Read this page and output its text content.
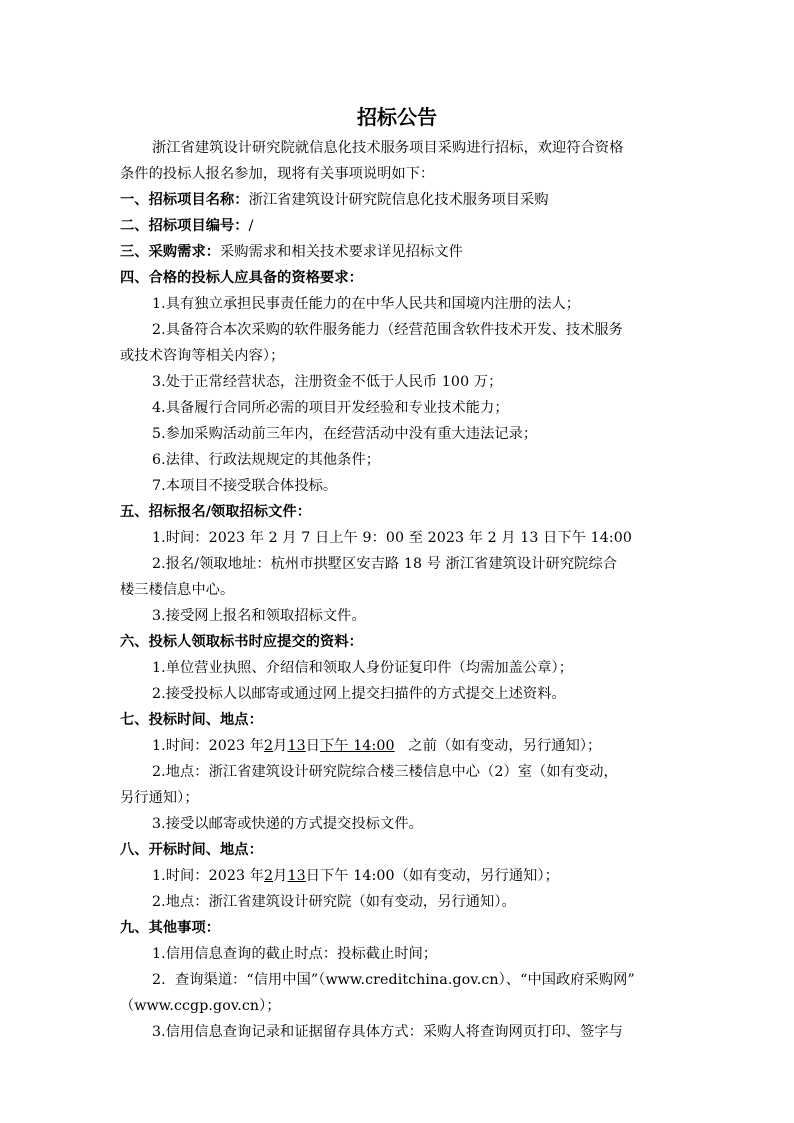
招标公告
浙江省建筑设计研究院就信息化技术服务项目采购进行招标，欢迎符合资格
条件的投标人报名参加，现将有关事项说明如下：
一、招标项目名称：浙江省建筑设计研究院信息化技术服务项目采购
二、招标项目编号：/
三、采购需求：采购需求和相关技术要求详见招标文件
四、合格的投标人应具备的资格要求：
1.具有独立承担民事责任能力的在中华人民共和国境内注册的法人；
2.具备符合本次采购的软件服务能力（经营范围含软件技术开发、技术服务
或技术咨询等相关内容）；
3.处于正常经营状态，注册资金不低于人民币 100 万；
4.具备履行合同所必需的项目开发经验和专业技术能力；
5.参加采购活动前三年内，在经营活动中没有重大违法记录；
6.法律、行政法规规定的其他条件；
7.本项目不接受联合体投标。
五、招标报名/领取招标文件：
1.时间：2023 年 2 月 7 日上午 9：00 至 2023 年 2 月 13 日下午 14:00
2.报名/领取地址：杭州市拱墅区安吉路 18 号 浙江省建筑设计研究院综合
楼三楼信息中心。
3.接受网上报名和领取招标文件。
六、投标人领取标书时应提交的资料：
1.单位营业执照、介绍信和领取人身份证复印件（均需加盖公章）；
2.接受投标人以邮寄或通过网上提交扫描件的方式提交上述资料。
七、投标时间、地点：
1.时间：2023 年2月13日下午 14:00   之前（如有变动，另行通知）；
2.地点：浙江省建筑设计研究院综合楼三楼信息中心（2）室（如有变动，
另行通知）；
3.接受以邮寄或快递的方式提交投标文件。
八、开标时间、地点：
1.时间：2023 年2月13日下午 14:00（如有变动，另行通知）；
2.地点：浙江省建筑设计研究院（如有变动，另行通知）。
九、其他事项：
1.信用信息查询的截止时点：投标截止时间；
2.  查询渠道：“信用中国”（www.creditchina.gov.cn）、“中国政府采购网”
（www.ccgp.gov.cn）；
3.信用信息查询记录和证据留存具体方式：采购人将查询网页打印、签字与
